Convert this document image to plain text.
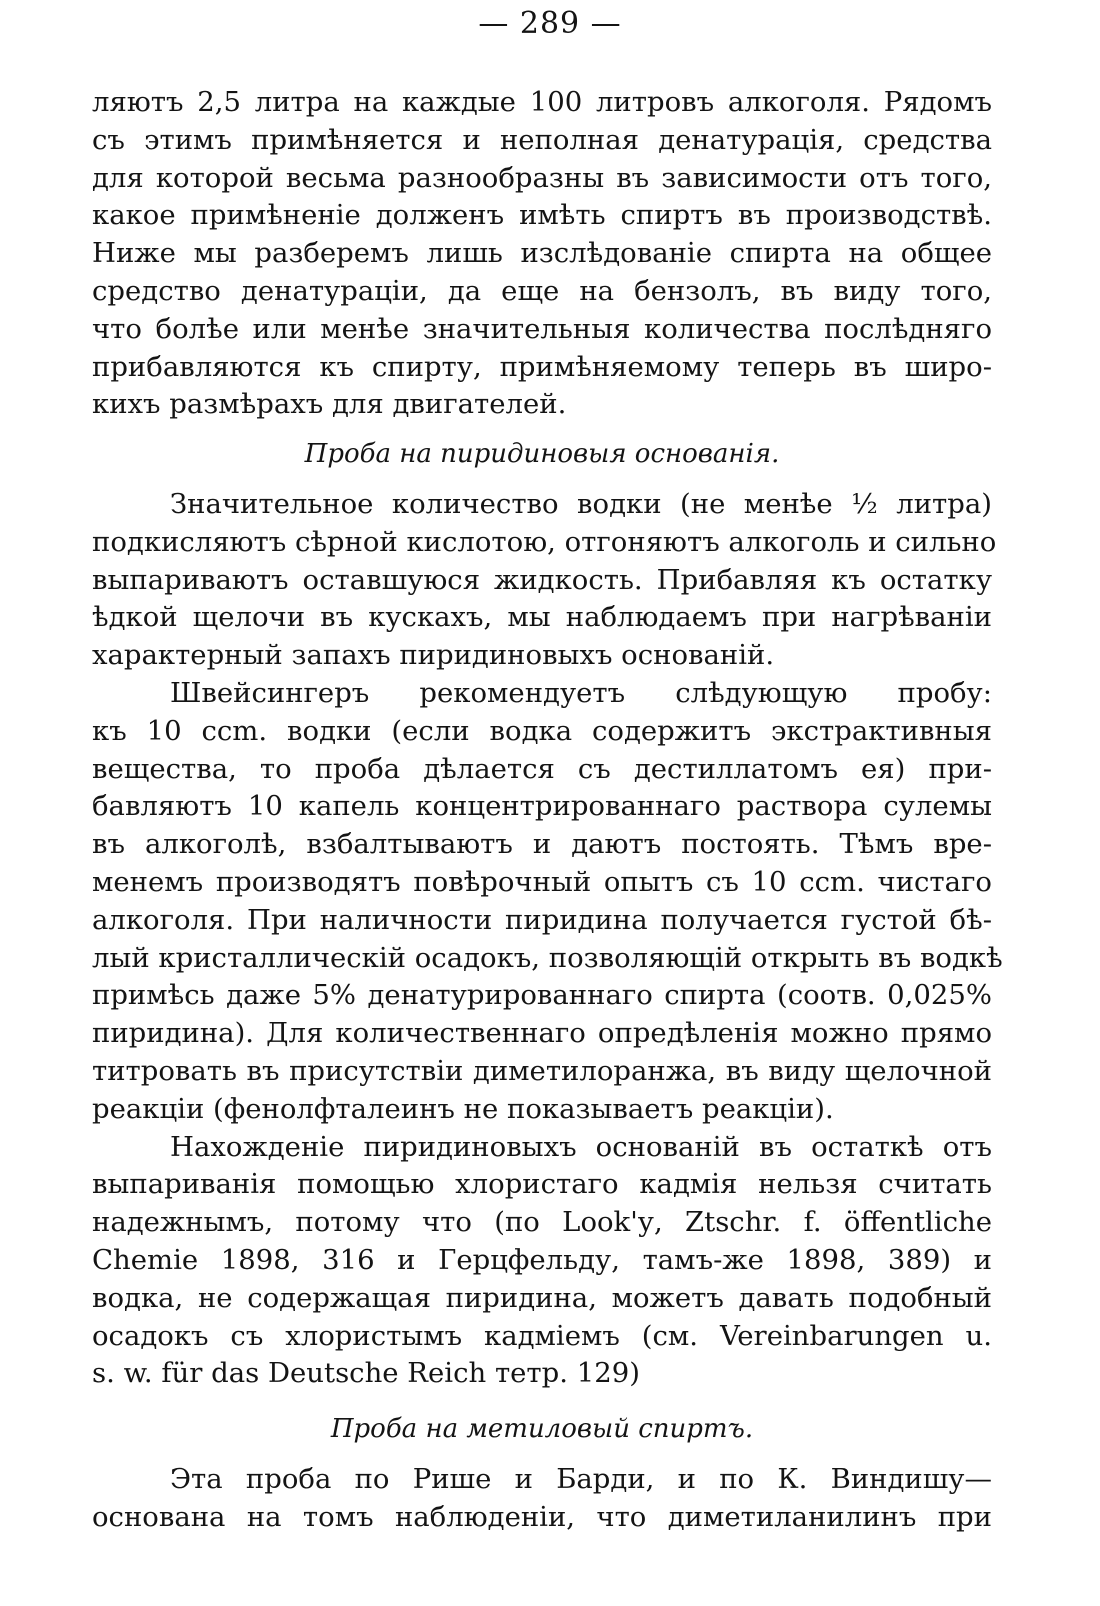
— 289 —
ляютъ 2,5 литра на каждые 100 литровъ алкоголя. Рядомъ
съ этимъ примѣняется и неполная денатурація, средства
для которой весьма разнообразны въ зависимости отъ того,
какое примѣненіе долженъ имѣть спиртъ въ производствѣ.
Ниже мы разберемъ лишь изслѣдованіе спирта на общее
средство денатураціи, да еще на бензолъ, въ виду того,
что болѣе или менѣе значительныя количества послѣдняго
прибавляются къ спирту, примѣняемому теперь въ широ-
кихъ размѣрахъ для двигателей.
Проба на пиридиновыя основанія.
Значительное количество водки (не менѣе ½ литра)
подкисляютъ сѣрной кислотою, отгоняютъ алкоголь и сильно
выпариваютъ оставшуюся жидкость. Прибавляя къ остатку
ѣдкой щелочи въ кускахъ, мы наблюдаемъ при нагрѣваніи
характерный запахъ пиридиновыхъ основаній.
Швейсингеръ рекомендуетъ слѣдующую пробу:
къ 10 ccm. водки (если водка содержитъ экстрактивныя
вещества, то проба дѣлается съ дестиллатомъ ея) при-
бавляютъ 10 капель концентрированнаго раствора сулемы
въ алкоголѣ, взбалтываютъ и даютъ постоять. Тѣмъ вре-
менемъ производятъ повѣрочный опытъ съ 10 ccm. чистаго
алкоголя. При наличности пиридина получается густой бѣ-
лый кристаллическій осадокъ, позволяющій открыть въ водкѣ
примѣсь даже 5% денатурированнаго спирта (соотв. 0,025%
пиридина). Для количественнаго опредѣленія можно прямо
титровать въ присутствіи диметилоранжа, въ виду щелочной
реакціи (фенолфталеинъ не показываетъ реакціи).
Нахожденіе пиридиновыхъ основаній въ остаткѣ отъ
выпариванія помощью хлористаго кадмія нельзя считать
надежнымъ, потому что (по Look'у, Ztschr. f. öffentliche
Chemie 1898, 316 и Герцфельду, тамъ-же 1898, 389) и
водка, не содержащая пиридина, можетъ давать подобный
осадокъ съ хлористымъ кадміемъ (см. Vereinbarungen u.
s. w. für das Deutsche Reich тетр. 129)
Проба на метиловый спиртъ.
Эта проба по Рише и Барди, и по К. Виндишу—
основана на томъ наблюденіи, что диметиланилинъ при
